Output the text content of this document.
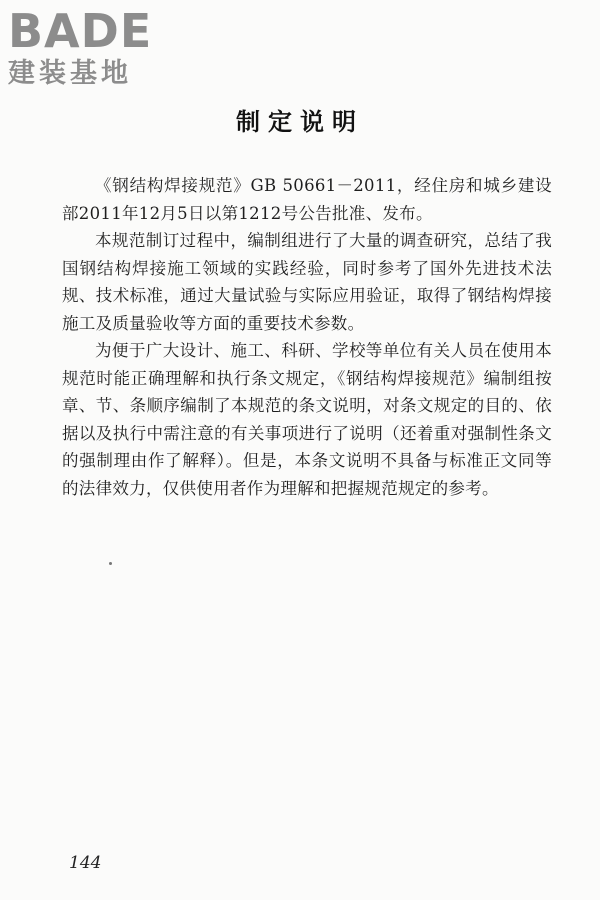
BADE
建装基地
制定说明

《钢结构焊接规范》GB 50661－2011，经住房和城乡建设部2011年12月5日以第1212号公告批准、发布。

本规范制订过程中，编制组进行了大量的调查研究，总结了我国钢结构焊接施工领域的实践经验，同时参考了国外先进技术法规、技术标准，通过大量试验与实际应用验证，取得了钢结构焊接施工及质量验收等方面的重要技术参数。

为便于广大设计、施工、科研、学校等单位有关人员在使用本规范时能正确理解和执行条文规定，《钢结构焊接规范》编制组按章、节、条顺序编制了本规范的条文说明，对条文规定的目的、依据以及执行中需注意的有关事项进行了说明（还着重对强制性条文的强制理由作了解释）。但是，本条文说明不具备与标准正文同等的法律效力，仅供使用者作为理解和把握规范规定的参考。

144
